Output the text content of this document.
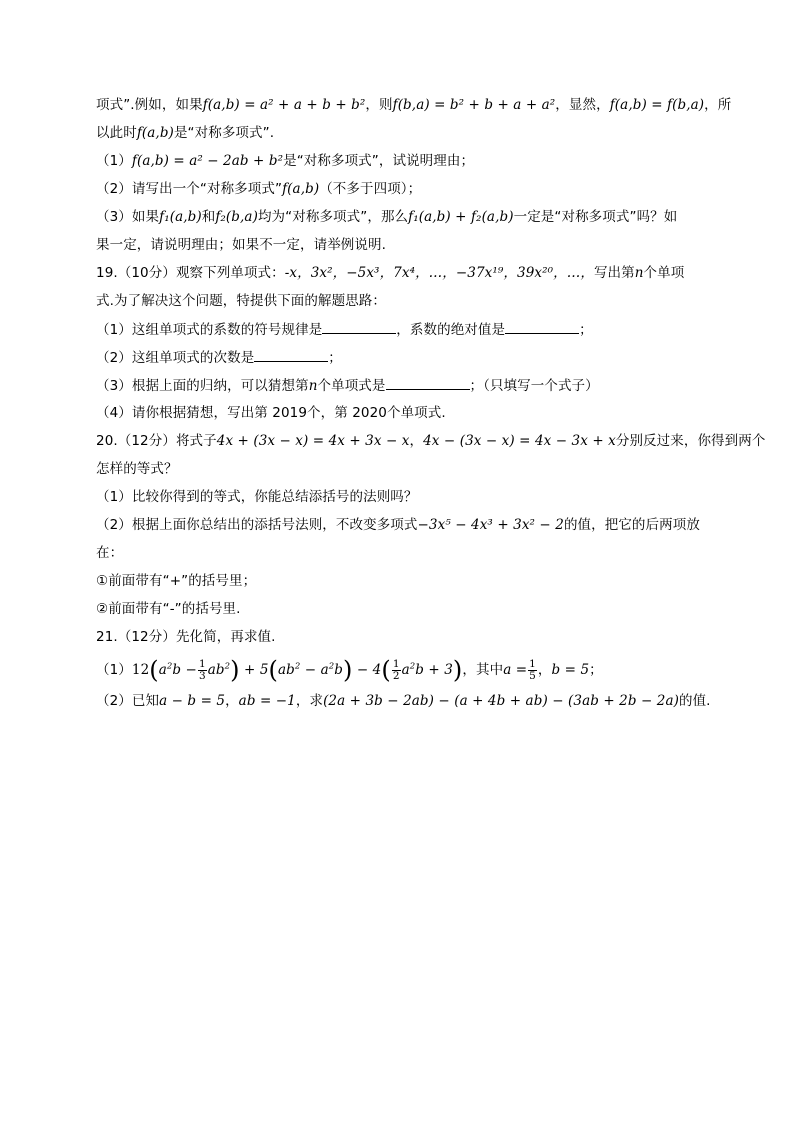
项式”.例如，如果f(a,b) = a² + a + b + b²，则f(b,a) = b² + b + a + a²，显然，f(a,b) = f(b,a)，所
以此时f(a,b)是“对称多项式”.
（1）f(a,b) = a² − 2ab + b²是“对称多项式”，试说明理由；
（2）请写出一个“对称多项式”f(a,b)（不多于四项）；
（3）如果f₁(a,b)和f₂(b,a)均为“对称多项式”，那么f₁(a,b) + f₂(a,b)一定是“对称多项式”吗？如
果一定，请说明理由；如果不一定，请举例说明.
19.（10分）观察下列单项式：-x，3x²，−5x³，7x⁴，…，−37x¹⁹，39x²⁰，…，写出第n个单项
式.为了解决这个问题，特提供下面的解题思路：
（1）这组单项式的系数的符号规律是	，系数的绝对值是	；
（2）这组单项式的次数是	；
（3）根据上面的归纳，可以猜想第n个单项式是	；（只填写一个式子）
（4）请你根据猜想，写出第 2019个，第 2020个单项式.
20.（12分）将式子4x + (3x − x) = 4x + 3x − x，4x − (3x − x) = 4x − 3x + x分别反过来，你得到两个
怎样的等式？
（1）比较你得到的等式，你能总结添括号的法则吗？
（2）根据上面你总结出的添括号法则，不改变多项式−3x⁵ − 4x³ + 3x² − 2的值，把它的后两项放
在：
①前面带有“+”的括号里；
②前面带有“-”的括号里.
21.（12分）先化简，再求值.
$(1)12(a^2b - \frac{1}{3} ab^2) + 5(ab^2 - a^2b) - 4( \frac{1}{2} a^2b + 3)$，其中$a = \frac{1}{5}$ ，b = 5；
（2）已知a − b = 5，ab = −1，求(2a + 3b − 2ab) − (a + 4b + ab) − (3ab + 2b − 2a)的值.
